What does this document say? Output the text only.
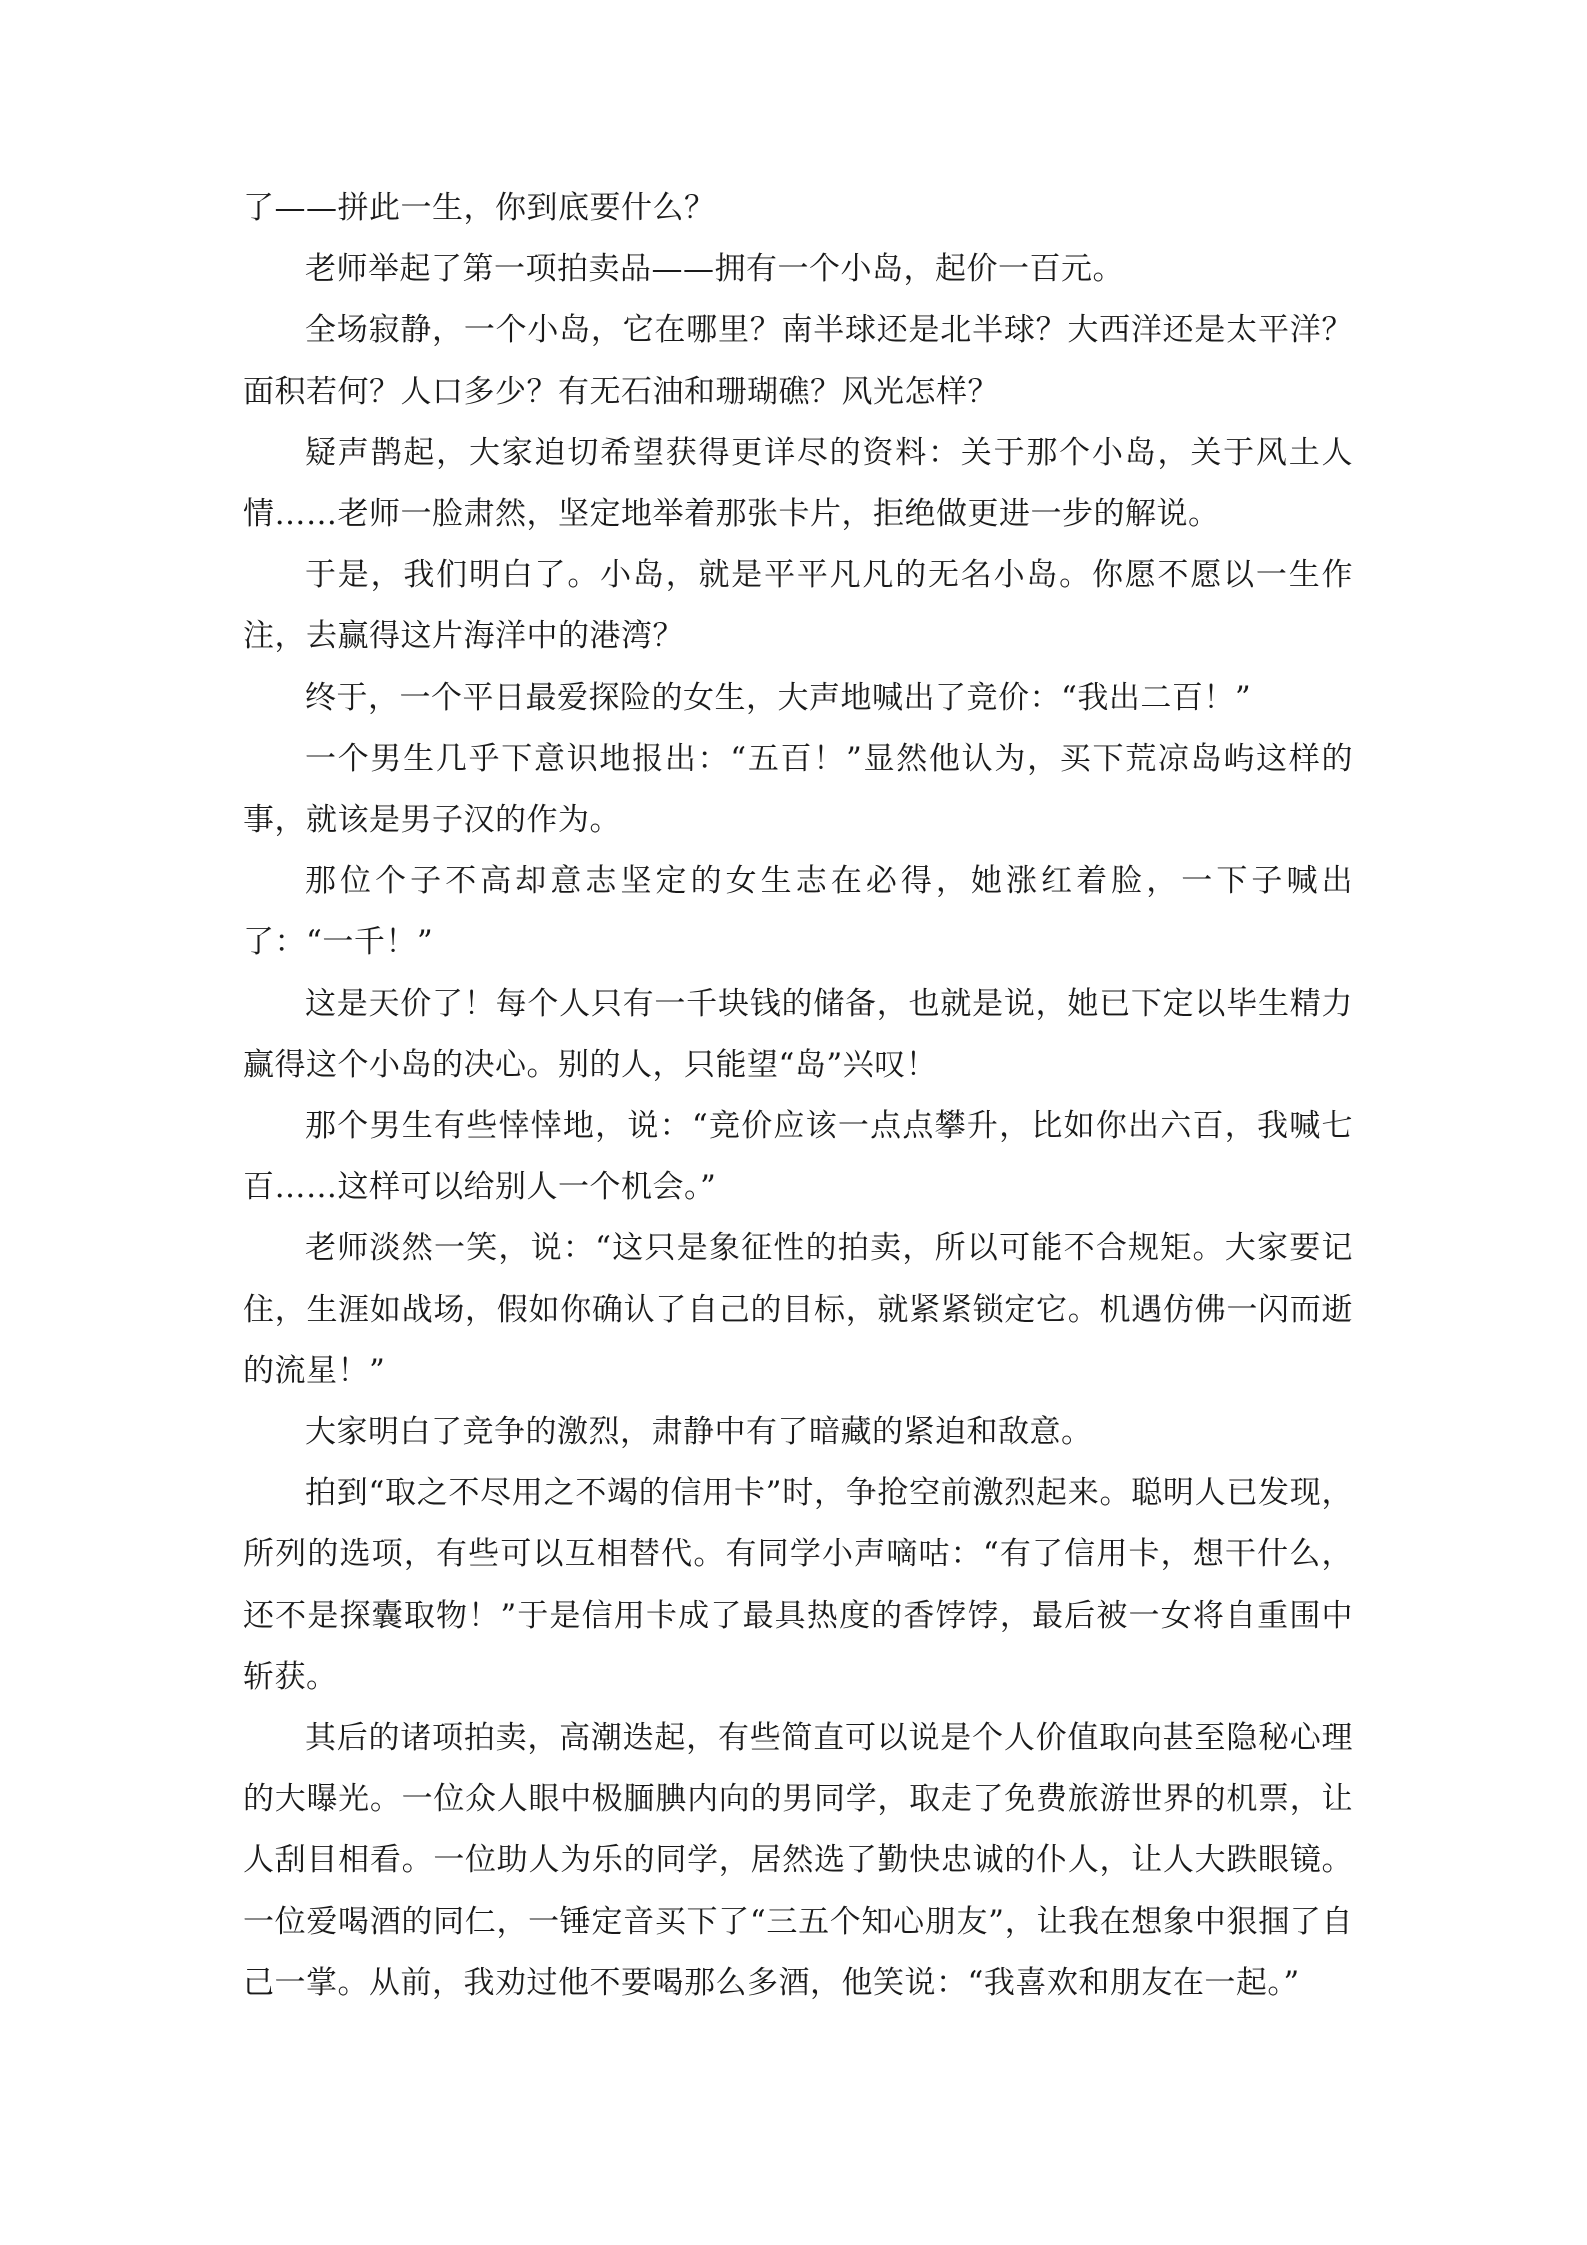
了——拼此一生，你到底要什么？

老师举起了第一项拍卖品——拥有一个小岛，起价一百元。

全场寂静，一个小岛，它在哪里？南半球还是北半球？大西洋还是太平洋？面积若何？人口多少？有无石油和珊瑚礁？风光怎样？

疑声鹊起，大家迫切希望获得更详尽的资料：关于那个小岛，关于风土人情……老师一脸肃然，坚定地举着那张卡片，拒绝做更进一步的解说。

于是，我们明白了。小岛，就是平平凡凡的无名小岛。你愿不愿以一生作注，去赢得这片海洋中的港湾？

终于，一个平日最爱探险的女生，大声地喊出了竞价：“我出二百！”

一个男生几乎下意识地报出：“五百！”显然他认为，买下荒凉岛屿这样的事，就该是男子汉的作为。

那位个子不高却意志坚定的女生志在必得，她涨红着脸，一下子喊出了：“一千！”

这是天价了！每个人只有一千块钱的储备，也就是说，她已下定以毕生精力赢得这个小岛的决心。别的人，只能望“岛”兴叹！

那个男生有些悻悻地，说：“竞价应该一点点攀升，比如你出六百，我喊七百……这样可以给别人一个机会。”

老师淡然一笑，说：“这只是象征性的拍卖，所以可能不合规矩。大家要记住，生涯如战场，假如你确认了自己的目标，就紧紧锁定它。机遇仿佛一闪而逝的流星！”

大家明白了竞争的激烈，肃静中有了暗藏的紧迫和敌意。

拍到“取之不尽用之不竭的信用卡”时，争抢空前激烈起来。聪明人已发现，所列的选项，有些可以互相替代。有同学小声嘀咕：“有了信用卡，想干什么，还不是探囊取物！”于是信用卡成了最具热度的香饽饽，最后被一女将自重围中斩获。

其后的诸项拍卖，高潮迭起，有些简直可以说是个人价值取向甚至隐秘心理的大曝光。一位众人眼中极腼腆内向的男同学，取走了免费旅游世界的机票，让人刮目相看。一位助人为乐的同学，居然选了勤快忠诚的仆人，让人大跌眼镜。一位爱喝酒的同仁，一锤定音买下了“三五个知心朋友”，让我在想象中狠掴了自己一掌。从前，我劝过他不要喝那么多酒，他笑说：“我喜欢和朋友在一起。”
